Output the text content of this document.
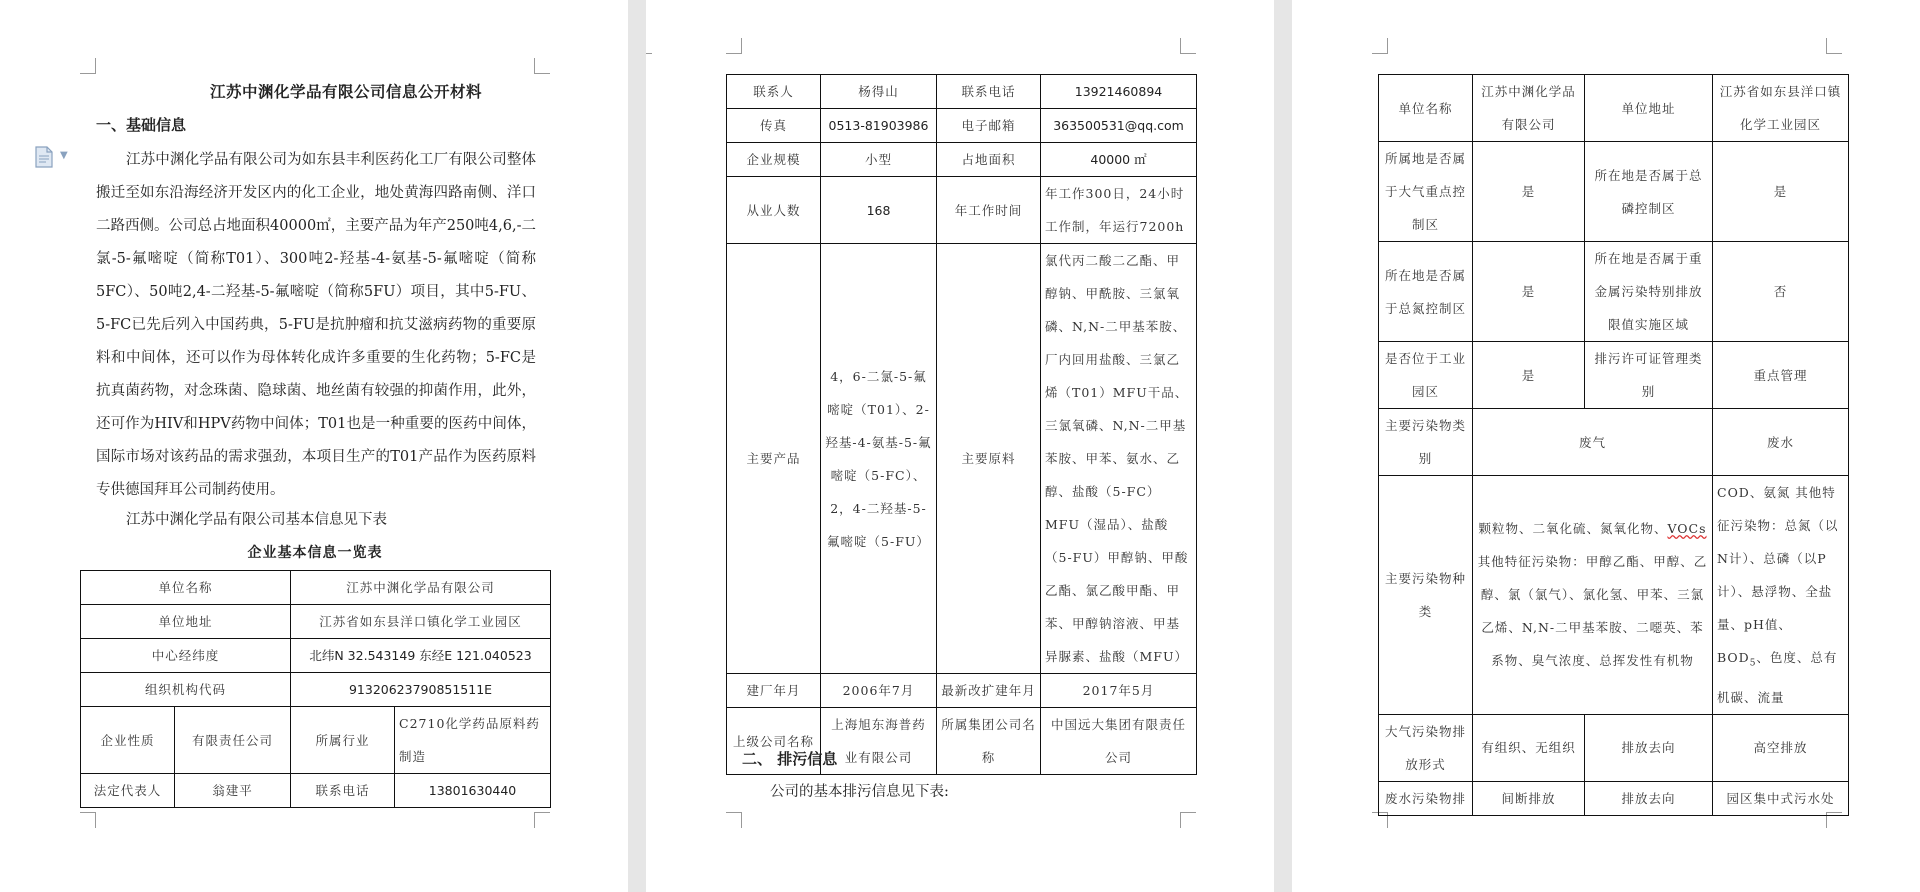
江苏中渊化学品有限公司信息公开材料
一、基础信息
▼	江苏中渊化学品有限公司为如东县丰利医药化工厂有限公司整体搬迁至如东沿海经济开发区内的化工企业，地处黄海四路南侧、洋口二路西侧。公司总占地面积40000㎡，主要产品为年产250吨4,6,-二氯-5-氟嘧啶（简称T01）、300吨2-羟基-4-氨基-5-氟嘧啶（简称5FC）、50吨2,4-二羟基-5-氟嘧啶（简称5FU）项目，其中5-FU、5-FC已先后列入中国药典，5-FU是抗肿瘤和抗艾滋病药物的重要原料和中间体，还可以作为母体转化成许多重要的生化药物；5-FC是抗真菌药物，对念珠菌、隐球菌、地丝菌有较强的抑菌作用，此外，还可作为HIV和HPV药物中间体；T01也是一种重要的医药中间体，国际市场对该药品的需求强劲，本项目生产的T01产品作为医药原料专供德国拜耳公司制药使用。
江苏中渊化学品有限公司基本信息见下表
企业基本信息一览表
单位名称		江苏中渊化学品有限公司	
单位地址		江苏省如东县洋口镇化学工业园区	
中心经纬度		北纬N 32.543149 东经E 121.040523	
组织机构代码		91320623790851511E	
企业性质	有限责任公司	所属行业	C2710化学药品原料药制造
法定代表人	翁建平	联系电话	13801630440
联系人	杨得山	联系电话	13921460894
传真	0513-81903986	电子邮箱	363500531@qq.com
企业规模	小型	占地面积	40000 ㎡
从业人数	168	年工作时间	年工作300日，24小时工作制，年运行7200h
主要产品	4，6-二氯-5-氟嘧啶（T01）、2-羟基-4-氨基-5-氟嘧啶（5-FC）、2，4-二羟基-5-氟嘧啶（5-FU）	主要原料	氯代丙二酸二乙酯、甲醇钠、甲酰胺、三氯氧磷、N,N-二甲基苯胺、厂内回用盐酸、三氯乙烯（T01）MFU干品、三氯氧磷、N,N-二甲基苯胺、甲苯、氨水、乙醇、盐酸（5-FC）MFU（湿品）、盐酸（5-FU）甲醇钠、甲酸乙酯、氯乙酸甲酯、甲苯、甲醇钠溶液、甲基异脲素、盐酸（MFU）
建厂年月	2006年7月	最新改扩建年月	2017年5月
上级公司名称	上海旭东海普药业有限公司	所属集团公司名称	中国远大集团有限责任公司
二、 排污信息
公司的基本排污信息见下表:
单位名称	江苏中渊化学品有限公司	单位地址	江苏省如东县洋口镇化学工业园区
所属地是否属于大气重点控制区	是	所在地是否属于总磷控制区	是
所在地是否属于总氮控制区	是	所在地是否属于重金属污染特别排放限值实施区域	否
是否位于工业园区	是	排污许可证管理类别	重点管理
主要污染物类别	废气		废水
主要污染物种类	颗粒物、二氧化硫、氮氧化物、VOCs其他特征污染物：甲醇乙酯、甲醇、乙醇、氯（氯气）、氯化氢、甲苯、三氯乙烯、N,N-二甲基苯胺、二噁英、苯系物、臭气浓度、总挥发性有机物		COD、氨氮 其他特征污染物：总氮（以N计）、总磷（以P计）、悬浮物、全盐量、pH值、$BOD_5$、色度、总有机碳、流量
大气污染物排放形式	有组织、无组织	排放去向	高空排放
废水污染物排	间断排放	排放去向	园区集中式污水处
